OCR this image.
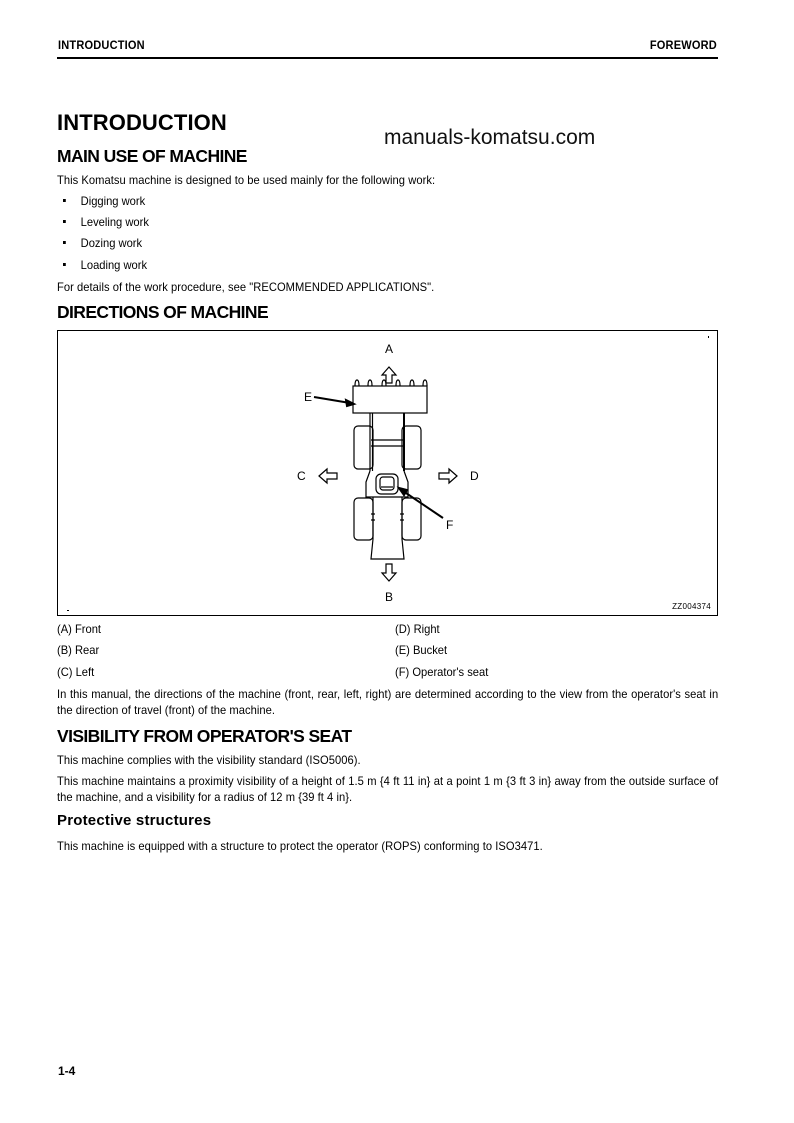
INTRODUCTION	FOREWORD
INTRODUCTION
manuals-komatsu.com
MAIN USE OF MACHINE
This Komatsu machine is designed to be used mainly for the following work:
Digging work
Leveling work
Dozing work
Loading work
For details of the work procedure, see "RECOMMENDED APPLICATIONS".
DIRECTIONS OF MACHINE
A
B
C	D
E
F
ZZ004374
(A) Front
(B) Rear
(C) Left
(D) Right
(E) Bucket
(F) Operator's seat
In this manual, the directions of the machine (front, rear, left, right) are determined according to the view from the operator's seat in the direction of travel (front) of the machine.
VISIBILITY FROM OPERATOR'S SEAT
This machine complies with the visibility standard (ISO5006).
This machine maintains a proximity visibility of a height of 1.5 m {4 ft 11 in} at a point 1 m {3 ft 3 in} away from the outside surface of the machine, and a visibility for a radius of 12 m {39 ft 4 in}.
Protective structures
This machine is equipped with a structure to protect the operator (ROPS) conforming to ISO3471.
1-4
